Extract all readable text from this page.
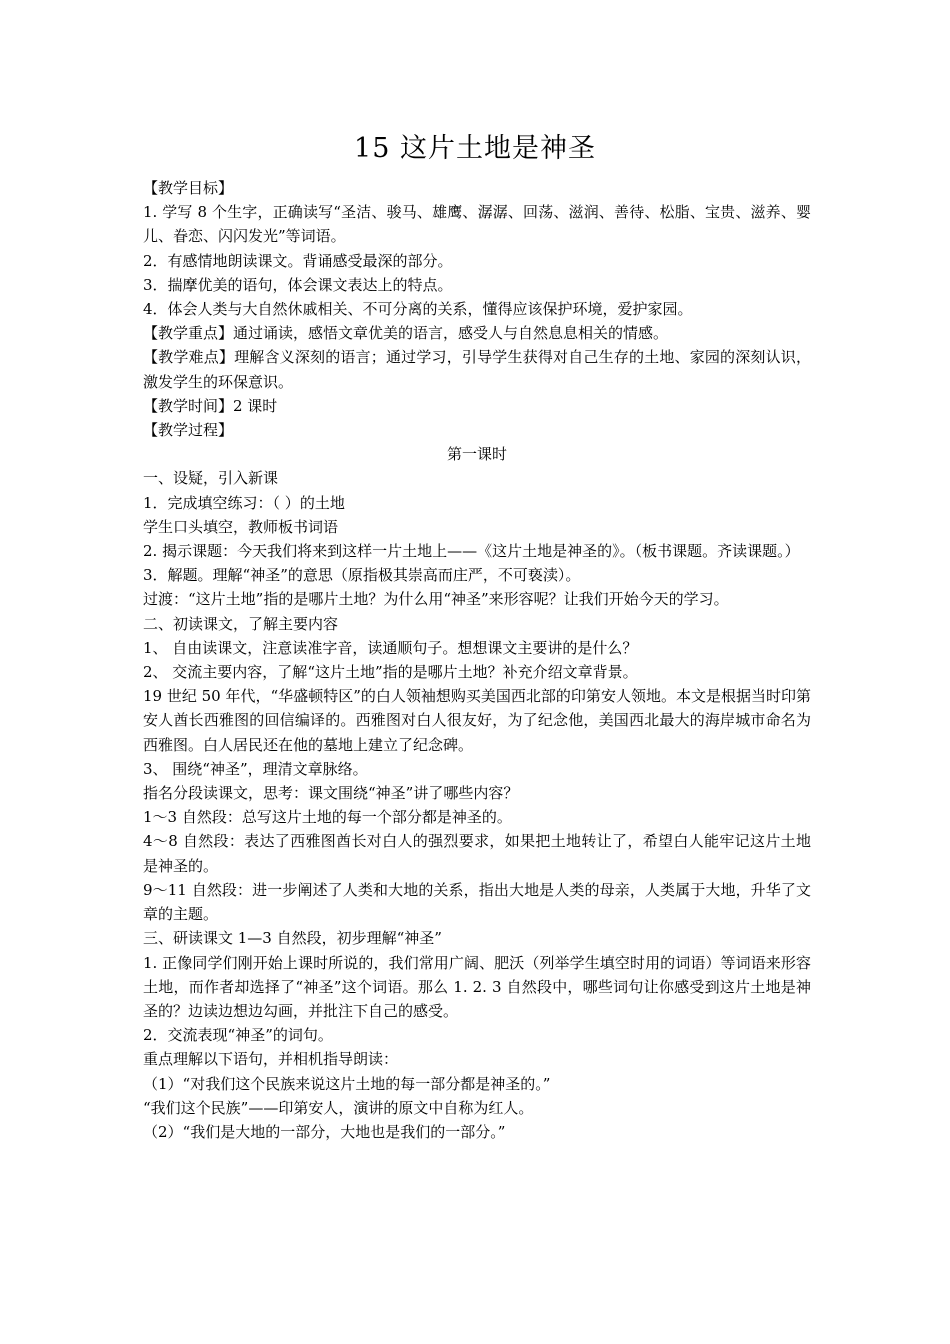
15 这片土地是神圣

【教学目标】

1. 学写 8 个生字，正确读写“圣洁、骏马、雄鹰、潺潺、回荡、滋润、善待、松脂、宝贵、滋养、婴儿、眷恋、闪闪发光”等词语。

2．有感情地朗读课文。背诵感受最深的部分。

3．揣摩优美的语句，体会课文表达上的特点。

4．体会人类与大自然休戚相关、不可分离的关系，懂得应该保护环境，爱护家园。

【教学重点】通过诵读，感悟文章优美的语言，感受人与自然息息相关的情感。

【教学难点】理解含义深刻的语言；通过学习，引导学生获得对自己生存的土地、家园的深刻认识，激发学生的环保意识。

【教学时间】2 课时

【教学过程】

第一课时

一、设疑，引入新课

1．完成填空练习：（ ）的土地

学生口头填空，教师板书词语

2. 揭示课题：今天我们将来到这样一片土地上——《这片土地是神圣的》。（板书课题。齐读课题。）

3．解题。理解“神圣”的意思（原指极其崇高而庄严，不可亵渎）。

过渡：“这片土地”指的是哪片土地？为什么用“神圣”来形容呢？让我们开始今天的学习。

二、初读课文，了解主要内容

1、 自由读课文，注意读准字音，读通顺句子。想想课文主要讲的是什么？

2、 交流主要内容，了解“这片土地”指的是哪片土地？补充介绍文章背景。

19 世纪 50 年代，“华盛顿特区”的白人领袖想购买美国西北部的印第安人领地。本文是根据当时印第安人酋长西雅图的回信编译的。西雅图对白人很友好，为了纪念他，美国西北最大的海岸城市命名为西雅图。白人居民还在他的墓地上建立了纪念碑。

3、 围绕“神圣”，理清文章脉络。

指名分段读课文，思考：课文围绕“神圣”讲了哪些内容？

1～3 自然段：总写这片土地的每一个部分都是神圣的。

4～8 自然段：表达了西雅图酋长对白人的强烈要求，如果把土地转让了，希望白人能牢记这片土地是神圣的。

9～11 自然段：进一步阐述了人类和大地的关系，指出大地是人类的母亲，人类属于大地，升华了文章的主题。

三、研读课文 1—3 自然段，初步理解“神圣”

1. 正像同学们刚开始上课时所说的，我们常用广阔、肥沃（列举学生填空时用的词语）等词语来形容土地，而作者却选择了“神圣”这个词语。那么 1. 2. 3 自然段中，哪些词句让你感受到这片土地是神圣的？边读边想边勾画，并批注下自己的感受。

2．交流表现“神圣”的词句。

重点理解以下语句，并相机指导朗读：

（1）“对我们这个民族来说这片土地的每一部分都是神圣的。”

“我们这个民族”——印第安人，演讲的原文中自称为红人。

（2）“我们是大地的一部分，大地也是我们的一部分。”
